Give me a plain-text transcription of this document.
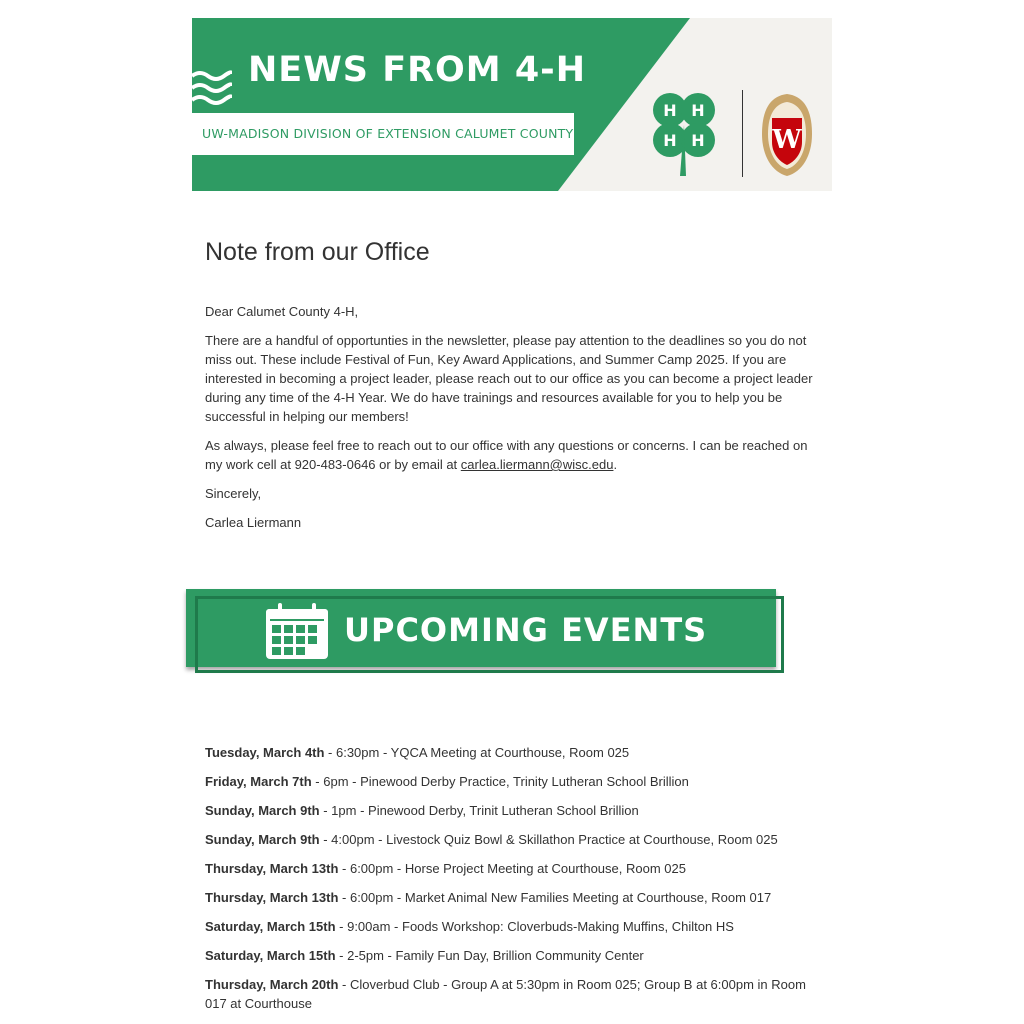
NEWS FROM 4-H
UW-MADISON DIVISION OF EXTENSION CALUMET COUNTY
H H
H H	W
Note from our Office

Dear Calumet County 4-H,

There are a handful of opportunties in the newsletter, please pay attention to the deadlines so you do not miss out. These include Festival of Fun, Key Award Applications, and Summer Camp 2025. If you are interested in becoming a project leader, please reach out to our office as you can become a project leader during any time of the 4-H Year. We do have trainings and resources available for you to help you be successful in helping our members!

As always, please feel free to reach out to our office with any questions or concerns. I can be reached on my work cell at 920-483-0646 or by email at carlea.liermann@wisc.edu.

Sincerely,

Carlea Liermann

UPCOMING EVENTS

Tuesday, March 4th - 6:30pm - YQCA Meeting at Courthouse, Room 025

Friday, March 7th - 6pm - Pinewood Derby Practice, Trinity Lutheran School Brillion

Sunday, March 9th - 1pm - Pinewood Derby, Trinit Lutheran School Brillion

Sunday, March 9th - 4:00pm - Livestock Quiz Bowl & Skillathon Practice at Courthouse, Room 025

Thursday, March 13th - 6:00pm - Horse Project Meeting at Courthouse, Room 025

Thursday, March 13th - 6:00pm - Market Animal New Families Meeting at Courthouse, Room 017

Saturday, March 15th - 9:00am - Foods Workshop: Cloverbuds-Making Muffins, Chilton HS

Saturday, March 15th - 2-5pm - Family Fun Day, Brillion Community Center

Thursday, March 20th - Cloverbud Club - Group A at 5:30pm in Room 025; Group B at 6:00pm in Room 017 at Courthouse
